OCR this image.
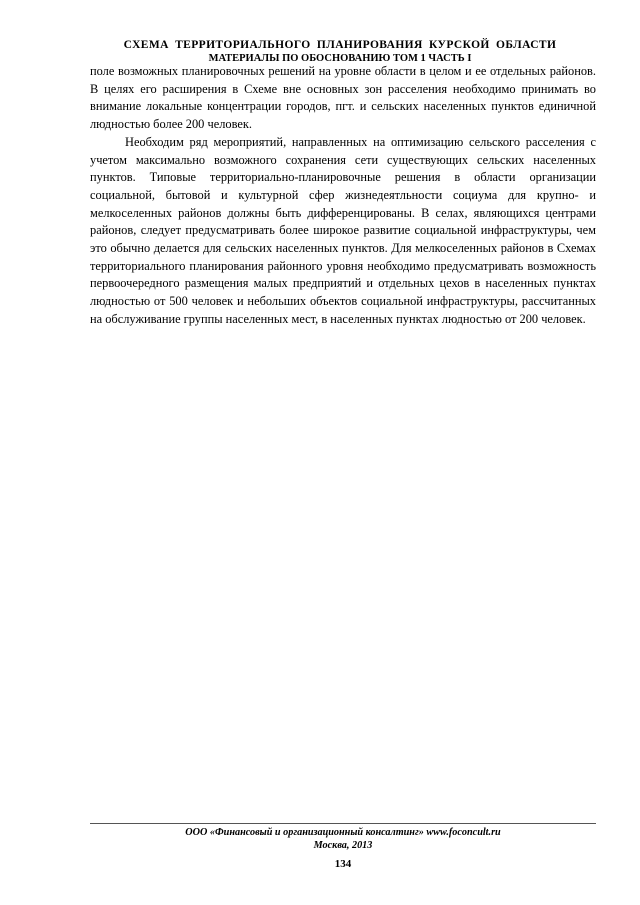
СХЕМА ТЕРРИТОРИАЛЬНОГО ПЛАНИРОВАНИЯ КУРСКОЙ ОБЛАСТИ
МАТЕРИАЛЫ ПО ОБОСНОВАНИЮ ТОМ 1 ЧАСТЬ I

поле возможных планировочных решений на уровне области в целом и ее отдельных районов. В целях его расширения в Схеме вне основных зон расселения необходимо принимать во внимание локальные концентрации городов, пгт. и сельских населенных пунктов единичной людностью более 200 человек.

Необходим ряд мероприятий, направленных на оптимизацию сельского расселения с учетом максимально возможного сохранения сети существующих сельских населенных пунктов. Типовые территориально-планировочные решения в области организации социальной, бытовой и культурной сфер жизнедеятльности социума для крупно- и мелкоселенных районов должны быть дифференцированы. В селах, являющихся центрами районов, следует предусматривать более широкое развитие социальной инфраструктуры, чем это обычно делается для сельских населенных пунктов. Для мелкоселенных районов в Схемах территориального планирования районного уровня необходимо предусматривать возможность первоочередного размещения малых предприятий и отдельных цехов в населенных пунктах людностью от 500 человек и небольших объектов социальной инфраструктуры, рассчитанных на обслуживание группы населенных мест, в населенных пунктах людностью от 200 человек.

ООО «Финансовый и организационный консалтинг» www.foconcult.ru
Москва, 2013
134
